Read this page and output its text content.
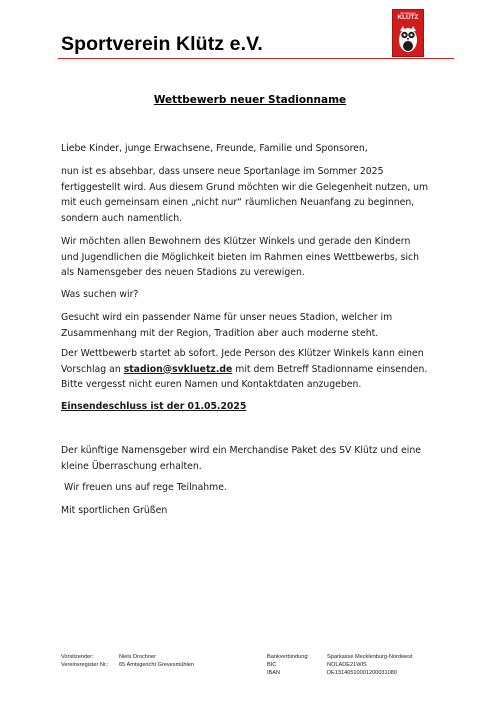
Sportverein Klütz e.V.
Sportverein
KLÜTZ
Wettbewerb neuer Stadionname
Liebe Kinder, junge Erwachsene, Freunde, Familie und Sponsoren,
nun ist es absehbar, dass unsere neue Sportanlage im Sommer 2025
fertiggestellt wird. Aus diesem Grund möchten wir die Gelegenheit nutzen, um
mit euch gemeinsam einen „nicht nur“ räumlichen Neuanfang zu beginnen,
sondern auch namentlich.
Wir möchten allen Bewohnern des Klützer Winkels und gerade den Kindern
und Jugendlichen die Möglichkeit bieten im Rahmen eines Wettbewerbs, sich
als Namensgeber des neuen Stadions zu verewigen.
Was suchen wir?
Gesucht wird ein passender Name für unser neues Stadion, welcher im
Zusammenhang mit der Region, Tradition aber auch moderne steht.
Der Wettbewerb startet ab sofort. Jede Person des Klützer Winkels kann einen
Vorschlag an stadion@svkluetz.de mit dem Betreff Stadionname einsenden.
Bitte vergesst nicht euren Namen und Kontaktdaten anzugeben.
Einsendeschluss ist der 01.05.2025
Der künftige Namensgeber wird ein Merchandise Paket des SV Klütz und eine
kleine Überraschung erhalten.
Wir freuen uns auf rege Teilnahme.
Mit sportlichen Grüßen
Vorsitzender:
Vereinsregister Nr.:
Niels Drochner
65 Amtsgericht Grevesmühlen
Bankverbindung:
BIC
IBAN
Sparkasse Mecklenburg-Nordwest
NOLADE21WIS
DE13140510001200031080
